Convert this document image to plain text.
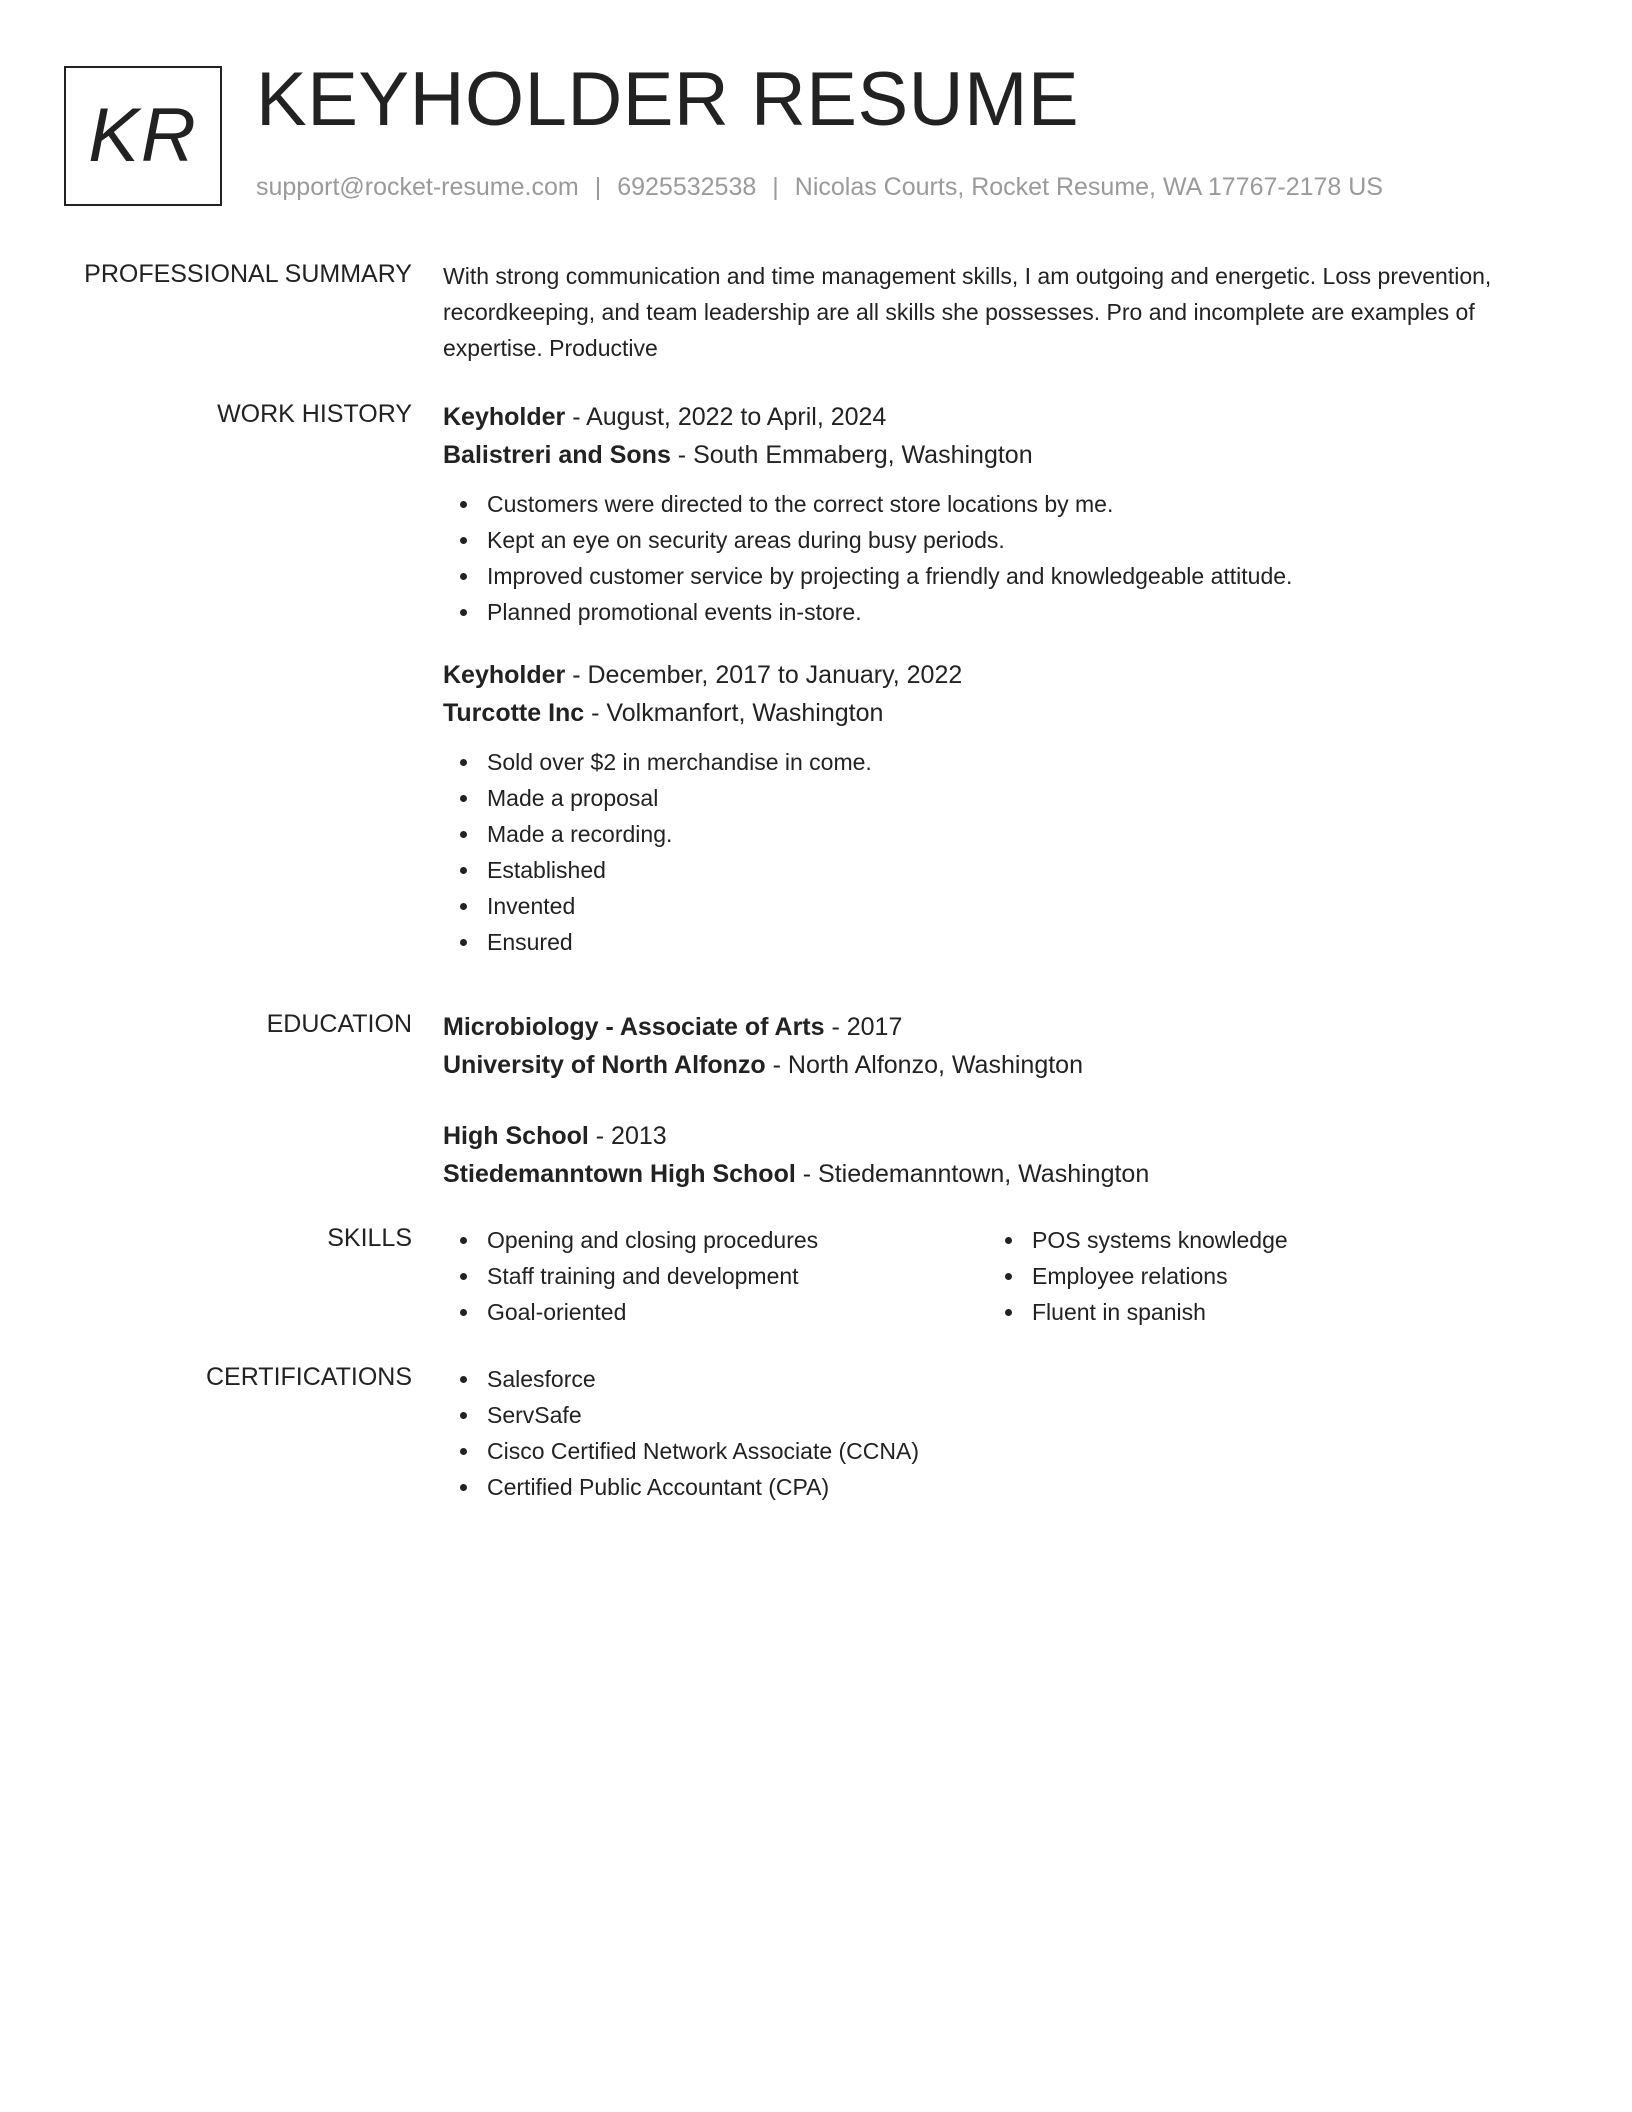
KR KEYHOLDER RESUME
support@rocket-resume.com | 6925532538 | Nicolas Courts, Rocket Resume, WA 17767-2178 US
PROFESSIONAL SUMMARY With strong communication and time management skills, I am outgoing and energetic. Loss prevention, recordkeeping, and team leadership are all skills she possesses. Pro and incomplete are examples of expertise. Productive

WORK HISTORY Keyholder - August, 2022 to April, 2024
Balistreri and Sons - South Emmaberg, Washington
Customers were directed to the correct store locations by me.
Kept an eye on security areas during busy periods.
Improved customer service by projecting a friendly and knowledgeable attitude.
Planned promotional events in-store.
Keyholder - December, 2017 to January, 2022
Turcotte Inc - Volkmanfort, Washington
Sold over $2 in merchandise in come.
Made a proposal
Made a recording.
Established
Invented
Ensured
EDUCATION Microbiology - Associate of Arts - 2017
University of North Alfonzo - North Alfonzo, Washington
High School - 2013
Stiedemanntown High School - Stiedemanntown, Washington
SKILLS	Opening and closing procedures
Staff training and development
Goal-oriented
POS systems knowledge
Employee relations
Fluent in spanish
CERTIFICATIONS	Salesforce
ServSafe
Cisco Certified Network Associate (CCNA)
Certified Public Accountant (CPA)
